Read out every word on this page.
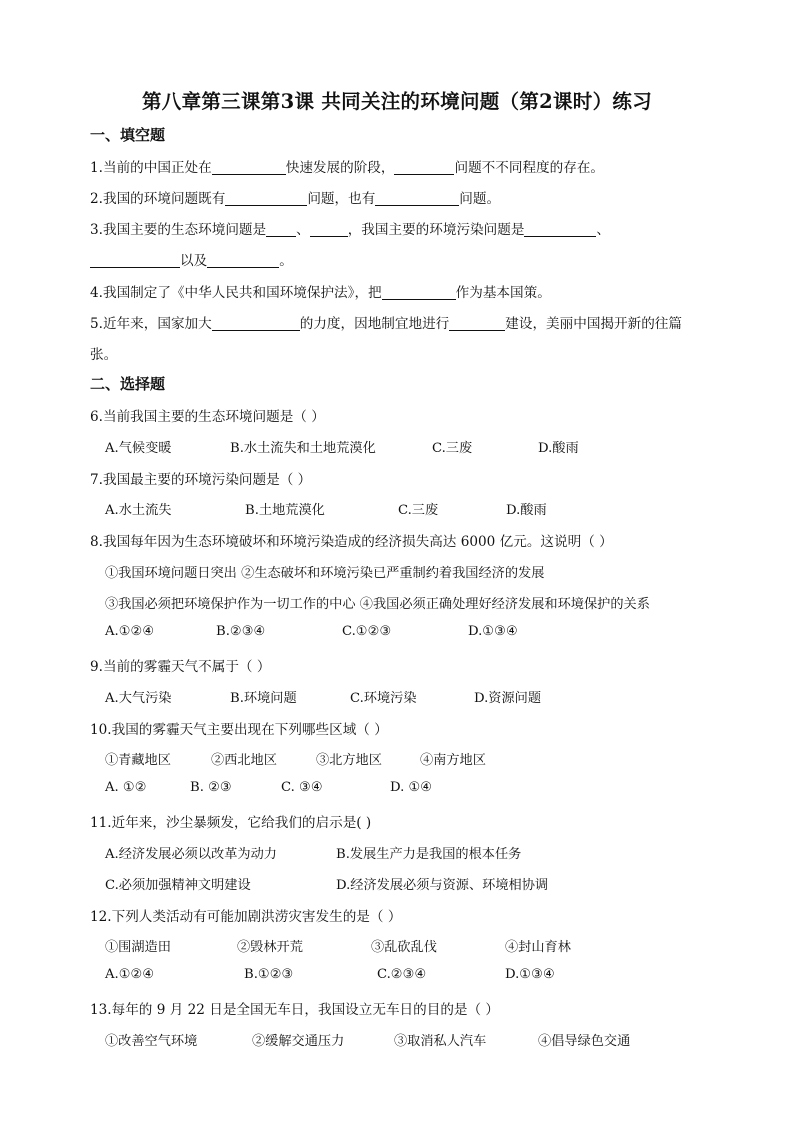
第八章第三课第3课 共同关注的环境问题（第2课时）练习
一、填空题
1.当前的中国正处在	快速发展的阶段，	问题不不同程度的存在。
2.我国的环境问题既有	问题，也有	问题。
3.我国主要的生态环境问题是 、	，我国主要的环境污染问题是	、
以及	。
4.我国制定了《中华人民共和国环境保护法》，把	作为基本国策。
5.近年来，国家加大	的力度，因地制宜地进行	建设，美丽中国揭开新的往篇
张。
二、选择题
6.当前我国主要的生态环境问题是（ ）
A.气候变暖	B.水土流失和土地荒漠化	C.三废	D.酸雨
7.我国最主要的环境污染问题是（ ）
A.水土流失	B.土地荒漠化	C.三废	D.酸雨
8.我国每年因为生态环境破坏和环境污染造成的经济损失高达 6000 亿元。这说明（ ）
①我国环境问题日突出 ②生态破坏和环境污染已严重制约着我国经济的发展
③我国必须把环境保护作为一切工作的中心 ④我国必须正确处理好经济发展和环境保护的关系
A.①②④	B.②③④	C.①②③	D.①③④
9.当前的雾霾天气不属于（ ）
A.大气污染	B.环境问题	C.环境污染	D.资源问题
10.我国的雾霾天气主要出现在下列哪些区域（ ）
①青藏地区	②西北地区	③北方地区	④南方地区
A. ①②	B. ②③	C. ③④	D. ①④
11.近年来，沙尘暴频发，它给我们的启示是( )
A.经济发展必须以改革为动力	B.发展生产力是我国的根本任务
C.必须加强精神文明建设	D.经济发展必须与资源、环境相协调
12.下列人类活动有可能加剧洪涝灾害发生的是（ ）
①围湖造田	②毁林开荒	③乱砍乱伐	④封山育林
A.①②④	B.①②③	C.②③④	D.①③④
13.每年的 9 月 22 日是全国无车日，我国设立无车日的目的是（ ）
①改善空气环境	②缓解交通压力	③取消私人汽车	④倡导绿色交通
